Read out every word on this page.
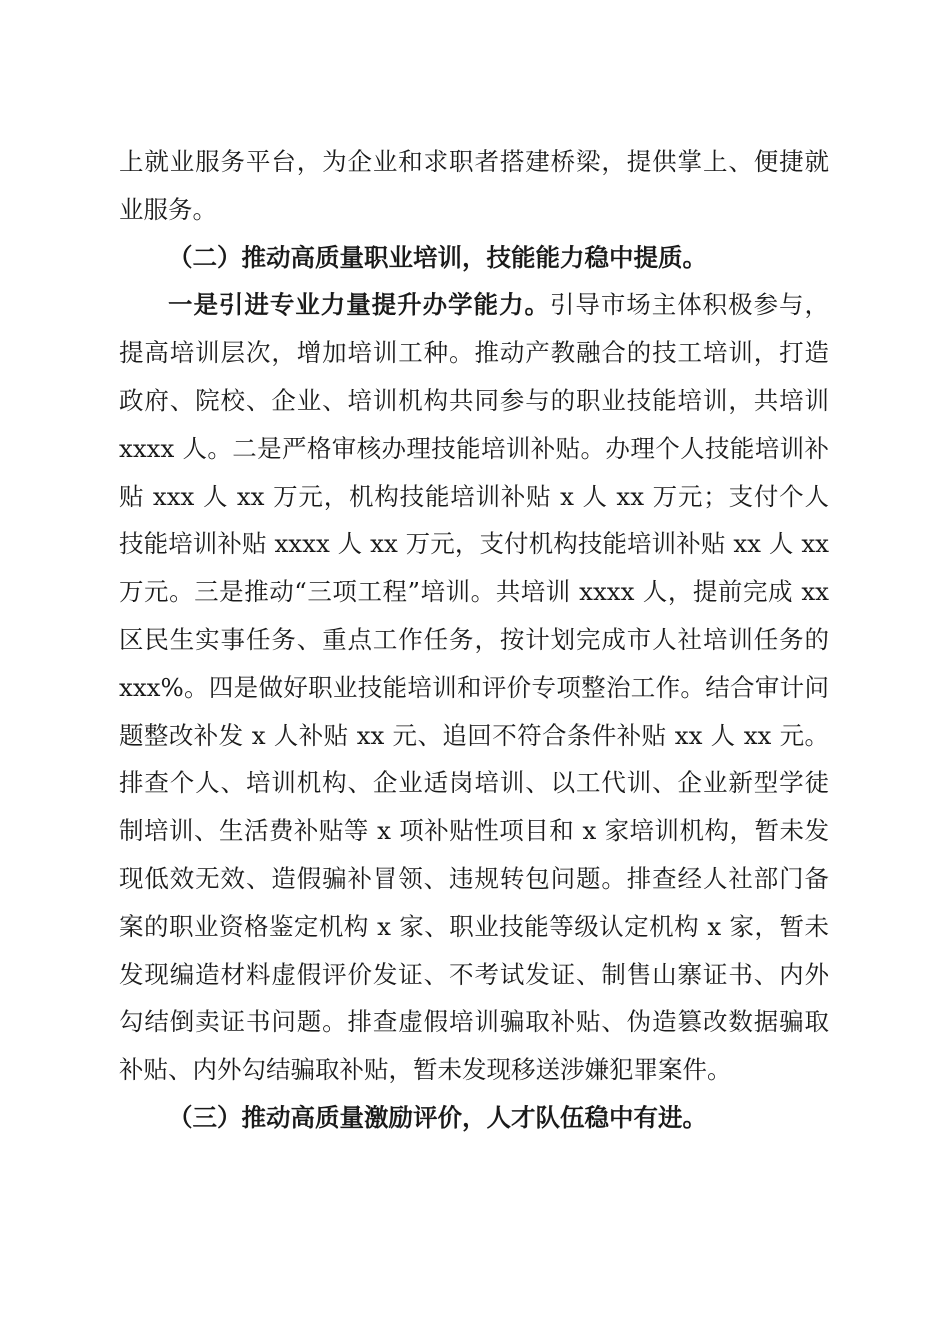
上就业服务平台，为企业和求职者搭建桥梁，提供掌上、便捷就业服务。

（二）推动高质量职业培训，技能能力稳中提质。

一是引进专业力量提升办学能力。引导市场主体积极参与，提高培训层次，增加培训工种。推动产教融合的技工培训，打造政府、院校、企业、培训机构共同参与的职业技能培训，共培训 xxxx 人。二是严格审核办理技能培训补贴。办理个人技能培训补贴 xxx 人 xx 万元，机构技能培训补贴 x 人 xx 万元；支付个人技能培训补贴 xxxx 人 xx 万元，支付机构技能培训补贴 xx 人 xx 万元。三是推动“三项工程”培训。共培训 xxxx 人，提前完成 xx 区民生实事任务、重点工作任务，按计划完成市人社培训任务的 xxx%。四是做好职业技能培训和评价专项整治工作。结合审计问题整改补发 x 人补贴 xx 元、追回不符合条件补贴 xx 人 xx 元。排查个人、培训机构、企业适岗培训、以工代训、企业新型学徒制培训、生活费补贴等 x 项补贴性项目和 x 家培训机构，暂未发现低效无效、造假骗补冒领、违规转包问题。排查经人社部门备案的职业资格鉴定机构 x 家、职业技能等级认定机构 x 家，暂未发现编造材料虚假评价发证、不考试发证、制售山寨证书、内外勾结倒卖证书问题。排查虚假培训骗取补贴、伪造篡改数据骗取补贴、内外勾结骗取补贴，暂未发现移送涉嫌犯罪案件。

（三）推动高质量激励评价，人才队伍稳中有进。
